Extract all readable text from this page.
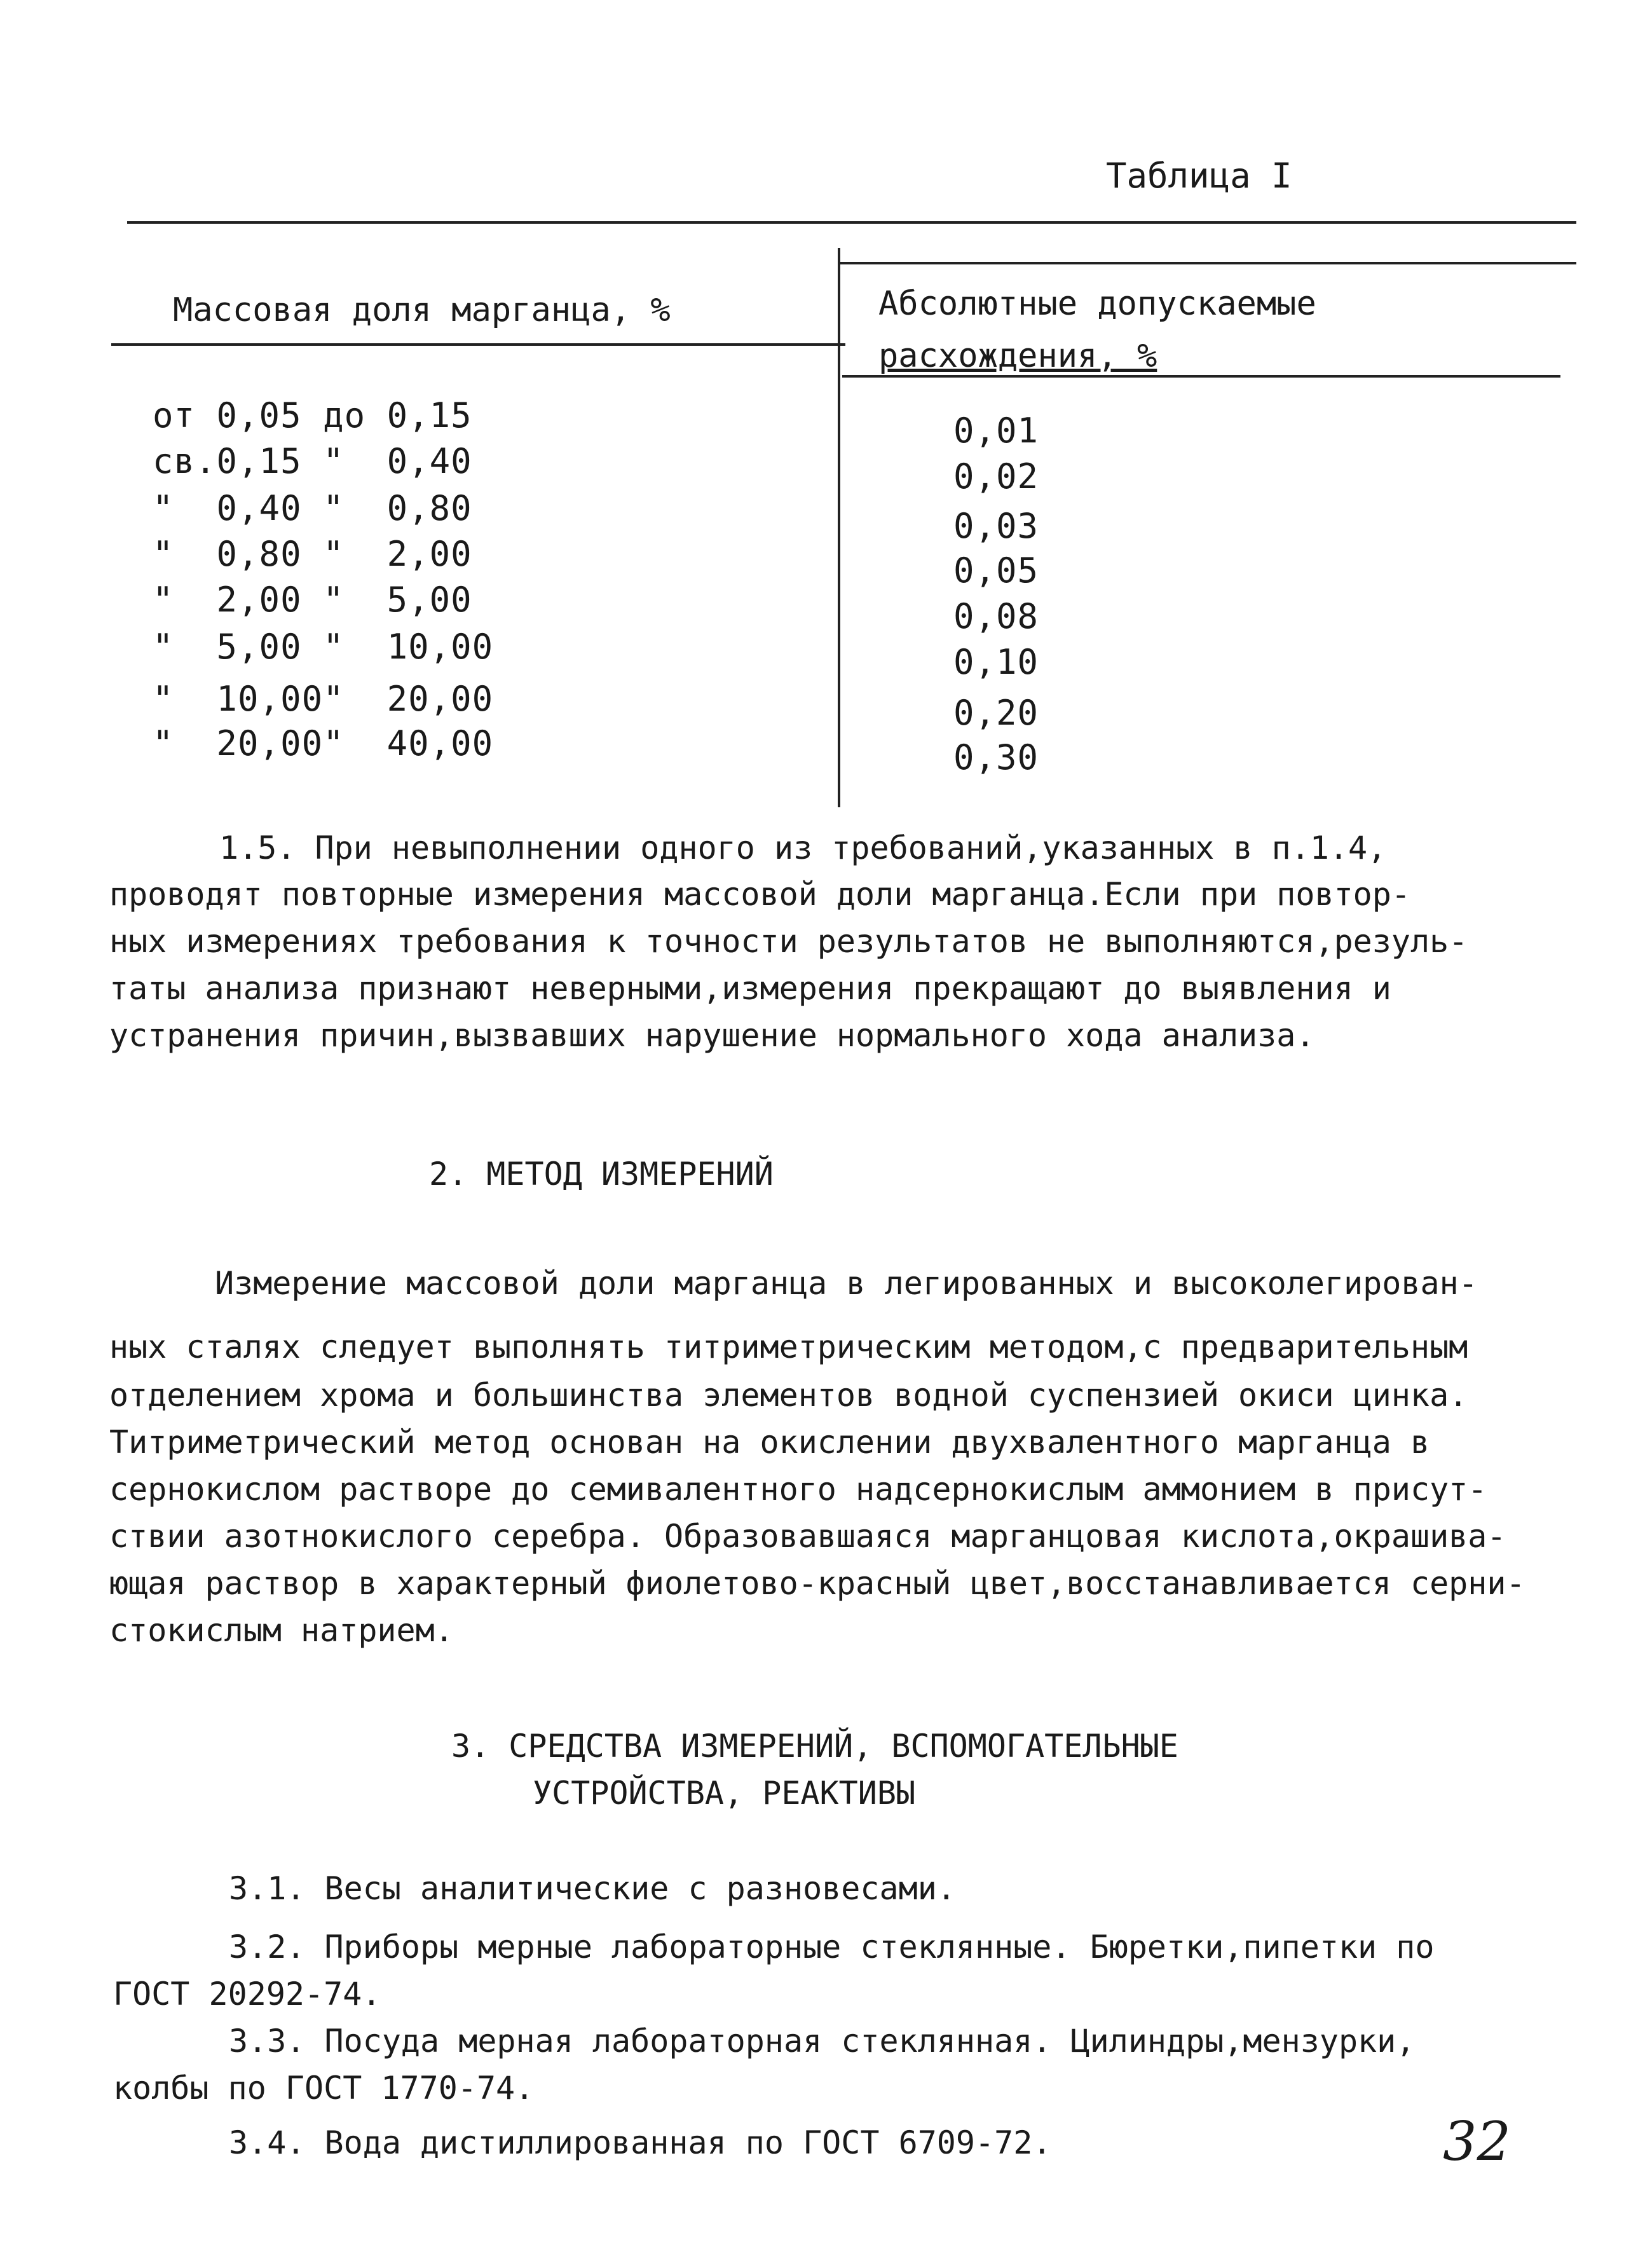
Таблица I
Массовая доля марганца, %	Абсолютные допускаемые
расхождения, %
от 0,05 до 0,15
св.0,15 "  0,40
"  0,40 "  0,80
"  0,80 "  2,00
"  2,00 "  5,00
"  5,00 "  10,00
"  10,00"  20,00
"  20,00"  40,00
0,01
0,02
0,03
0,05
0,08
0,10
0,20
0,30
1.5. При невыполнении одного из требований,указанных в п.1.4,
проводят повторные измерения массовой доли марганца.Если при повтор-
ных измерениях требования к точности результатов не выполняются,резуль-
таты анализа признают неверными,измерения прекращают до выявления и
устранения причин,вызвавших нарушение нормального хода анализа.
2. МЕТОД ИЗМЕРЕНИЙ
Измерение массовой доли марганца в легированных и высоколегирован-
ных сталях следует выполнять титриметрическим методом,с предварительным
отделением хрома и большинства элементов водной суспензией окиси цинка.
Титриметрический метод основан на окислении двухвалентного марганца в
сернокислом растворе до семивалентного надсернокислым аммонием в присут-
ствии азотнокислого серебра. Образовавшаяся марганцовая кислота,окрашива-
ющая раствор в характерный фиолетово-красный цвет,восстанавливается серни-
стокислым натрием.
3. СРЕДСТВА ИЗМЕРЕНИЙ, ВСПОМОГАТЕЛЬНЫЕ
УСТРОЙСТВА, РЕАКТИВЫ
3.1. Весы аналитические с разновесами.
3.2. Приборы мерные лабораторные стеклянные. Бюретки,пипетки по
ГОСТ 20292-74.
3.3. Посуда мерная лабораторная стеклянная. Цилиндры,мензурки,
колбы по ГОСТ 1770-74.
3.4. Вода дистиллированная по ГОСТ 6709-72.	32
